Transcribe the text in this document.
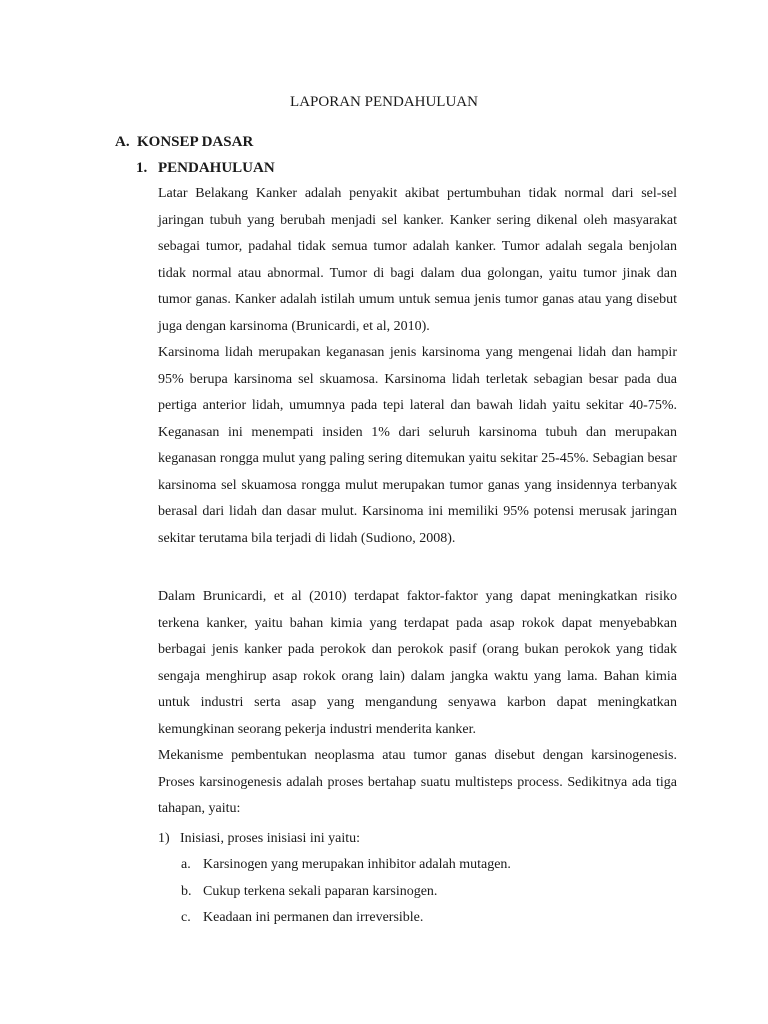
LAPORAN PENDAHULUAN
A. KONSEP DASAR
1. PENDAHULUAN
Latar Belakang Kanker adalah penyakit akibat pertumbuhan tidak normal dari sel-sel jaringan tubuh yang berubah menjadi sel kanker. Kanker sering dikenal oleh masyarakat sebagai tumor, padahal tidak semua tumor adalah kanker. Tumor adalah segala benjolan tidak normal atau abnormal. Tumor di bagi dalam dua golongan, yaitu tumor jinak dan tumor ganas. Kanker adalah istilah umum untuk semua jenis tumor ganas atau yang disebut juga dengan karsinoma (Brunicardi, et al, 2010).
Karsinoma lidah merupakan keganasan jenis karsinoma yang mengenai lidah dan hampir 95% berupa karsinoma sel skuamosa. Karsinoma lidah terletak sebagian besar pada dua pertiga anterior lidah, umumnya pada tepi lateral dan bawah lidah yaitu sekitar 40-75%. Keganasan ini menempati insiden 1% dari seluruh karsinoma tubuh dan merupakan keganasan rongga mulut yang paling sering ditemukan yaitu sekitar 25-45%. Sebagian besar karsinoma sel skuamosa rongga mulut merupakan tumor ganas yang insidennya terbanyak berasal dari lidah dan dasar mulut. Karsinoma ini memiliki 95% potensi merusak jaringan sekitar terutama bila terjadi di lidah (Sudiono, 2008).
Dalam Brunicardi, et al (2010) terdapat faktor-faktor yang dapat meningkatkan risiko terkena kanker, yaitu bahan kimia yang terdapat pada asap rokok dapat menyebabkan berbagai jenis kanker pada perokok dan perokok pasif (orang bukan perokok yang tidak sengaja menghirup asap rokok orang lain) dalam jangka waktu yang lama. Bahan kimia untuk industri serta asap yang mengandung senyawa karbon dapat meningkatkan kemungkinan seorang pekerja industri menderita kanker.
Mekanisme pembentukan neoplasma atau tumor ganas disebut dengan karsinogenesis. Proses karsinogenesis adalah proses bertahap suatu multisteps process. Sedikitnya ada tiga tahapan, yaitu:
1) Inisiasi, proses inisiasi ini yaitu:
a. Karsinogen yang merupakan inhibitor adalah mutagen.
b. Cukup terkena sekali paparan karsinogen.
c. Keadaan ini permanen dan irreversible.
